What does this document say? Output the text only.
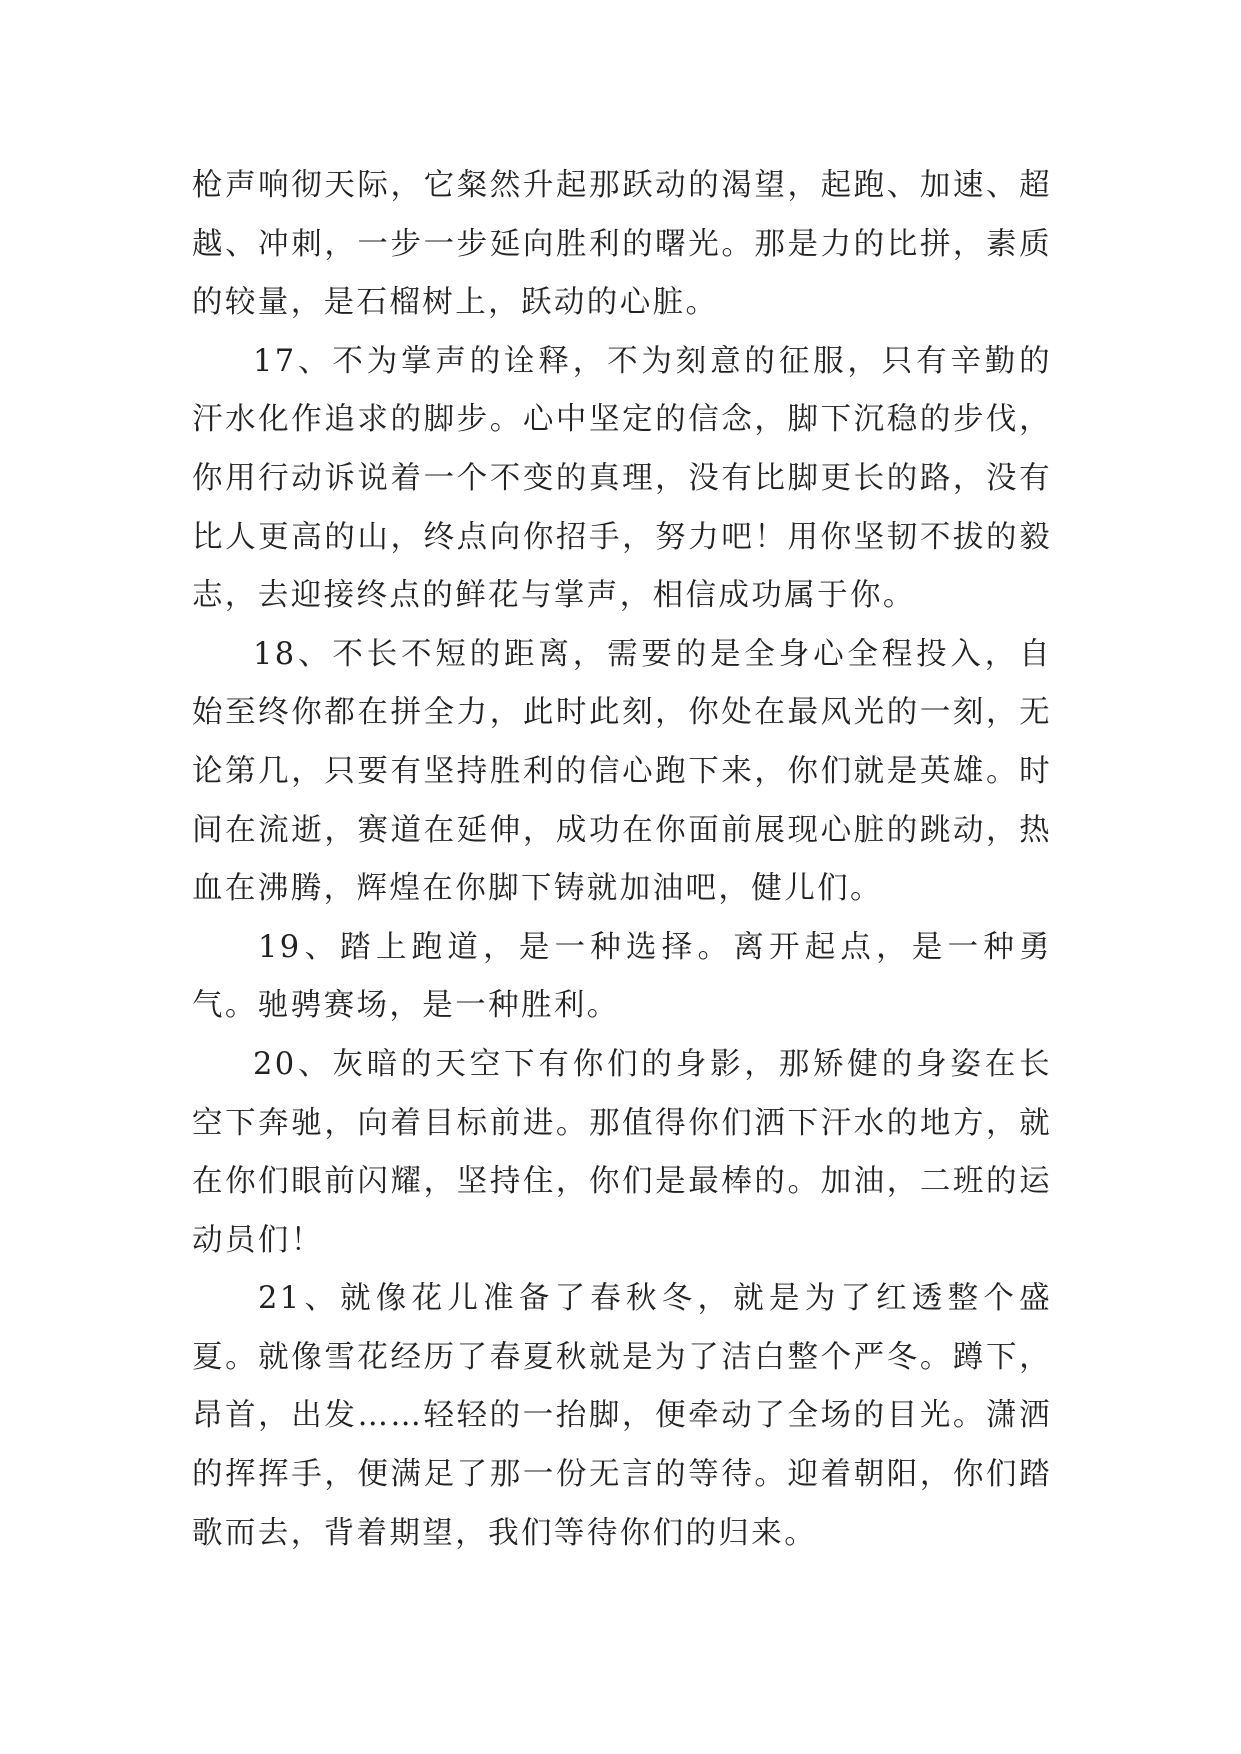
枪声响彻天际，它粲然升起那跃动的渴望，起跑、加速、超越、冲刺，一步一步延向胜利的曙光。那是力的比拼，素质的较量，是石榴树上，跃动的心脏。

17、不为掌声的诠释，不为刻意的征服，只有辛勤的汗水化作追求的脚步。心中坚定的信念，脚下沉稳的步伐，你用行动诉说着一个不变的真理，没有比脚更长的路，没有比人更高的山，终点向你招手，努力吧！用你坚韧不拔的毅志，去迎接终点的鲜花与掌声，相信成功属于你。

18、不长不短的距离，需要的是全身心全程投入，自始至终你都在拼全力，此时此刻，你处在最风光的一刻，无论第几，只要有坚持胜利的信心跑下来，你们就是英雄。时间在流逝，赛道在延伸，成功在你面前展现心脏的跳动，热血在沸腾，辉煌在你脚下铸就加油吧，健儿们。

19、踏上跑道，是一种选择。离开起点，是一种勇气。驰骋赛场，是一种胜利。

20、灰暗的天空下有你们的身影，那矫健的身姿在长空下奔驰，向着目标前进。那值得你们洒下汗水的地方，就在你们眼前闪耀，坚持住，你们是最棒的。加油，二班的运动员们！

21、就像花儿准备了春秋冬，就是为了红透整个盛夏。就像雪花经历了春夏秋就是为了洁白整个严冬。蹲下，昂首，出发……轻轻的一抬脚，便牵动了全场的目光。潇洒的挥挥手，便满足了那一份无言的等待。迎着朝阳，你们踏歌而去，背着期望，我们等待你们的归来。
